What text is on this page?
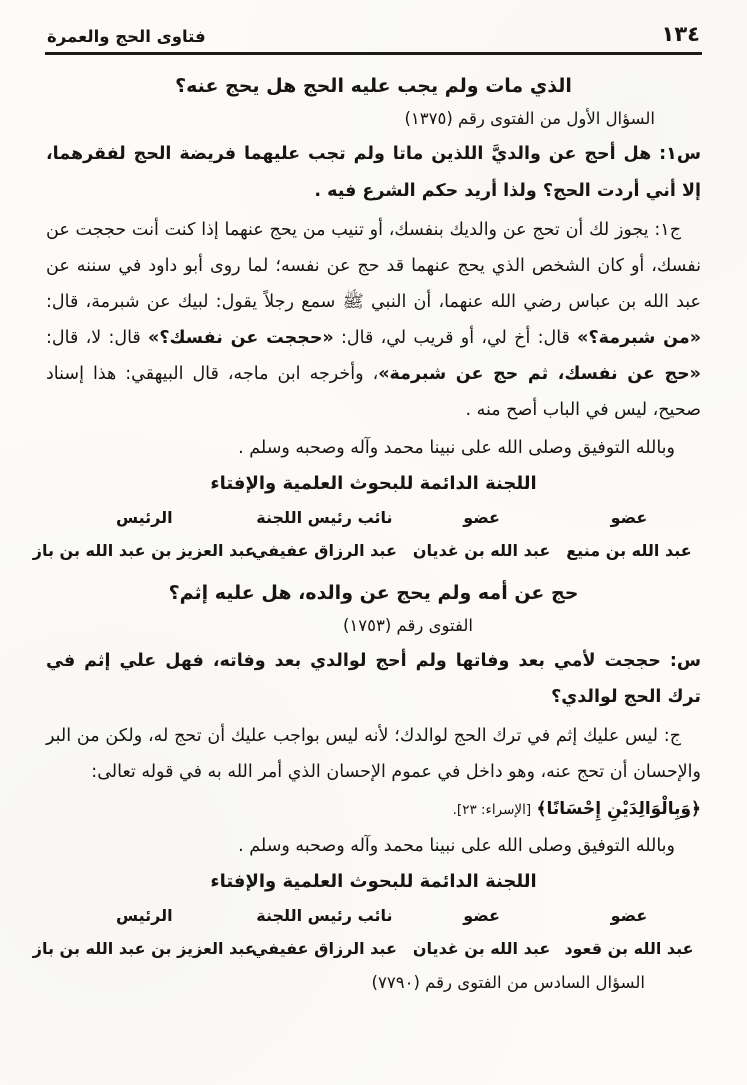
١٣٤
فتاوى الحج والعمرة
الذي مات ولم يجب عليه الحج هل يحج عنه؟
السؤال الأول من الفتوى رقم (١٣٧٥)

س١: هل أحج عن والديَّ اللذين ماتا ولم تجب عليهما فريضة الحج لفقرهما، إلا أني أردت الحج؟ ولذا أريد حكم الشرع فيه .

ج١: يجوز لك أن تحج عن والديك بنفسك، أو تنيب من يحج عنهما إذا كنت أنت حججت عن نفسك، أو كان الشخص الذي يحج عنهما قد حج عن نفسه؛ لما روى أبو داود في سننه عن عبد الله بن عباس رضي الله عنهما، أن النبي ﷺ سمع رجلاً يقول: لبيك عن شبرمة، قال: «من شبرمة؟» قال: أخ لي، أو قريب لي، قال: «حججت عن نفسك؟» قال: لا، قال: «حج عن نفسك، ثم حج عن شبرمة»، وأخرجه ابن ماجه، قال البيهقي: هذا إسناد صحيح، ليس في الباب أصح منه .

وبالله التوفيق وصلى الله على نبينا محمد وآله وصحبه وسلم .

اللجنة الدائمة للبحوث العلمية والإفتاء

عضو
عبد الله بن منيع
عضو
عبد الله بن غديان
نائب رئيس اللجنة
عبد الرزاق عفيفي
الرئيس
عبد العزيز بن عبد الله بن باز
حج عن أمه ولم يحج عن والده، هل عليه إثم؟
الفتوى رقم (١٧٥٣)

س: حججت لأمي بعد وفاتها ولم أحج لوالدي بعد وفاته، فهل علي إثم في ترك الحج لوالدي؟

ج: ليس عليك إثم في ترك الحج لوالدك؛ لأنه ليس بواجب عليك أن تحج له، ولكن من البر والإحسان أن تحج عنه، وهو داخل في عموم الإحسان الذي أمر الله به في قوله تعالى:

﴿وَبِالْوَالِدَيْنِ إِحْسَانًا﴾ [الإسراء: ٢٣].

وبالله التوفيق وصلى الله على نبينا محمد وآله وصحبه وسلم .

اللجنة الدائمة للبحوث العلمية والإفتاء

عضو
عبد الله بن قعود
عضو
عبد الله بن غديان
نائب رئيس اللجنة
عبد الرزاق عفيفي
الرئيس
عبد العزيز بن عبد الله بن باز
السؤال السادس من الفتوى رقم (٧٧٩٠)
